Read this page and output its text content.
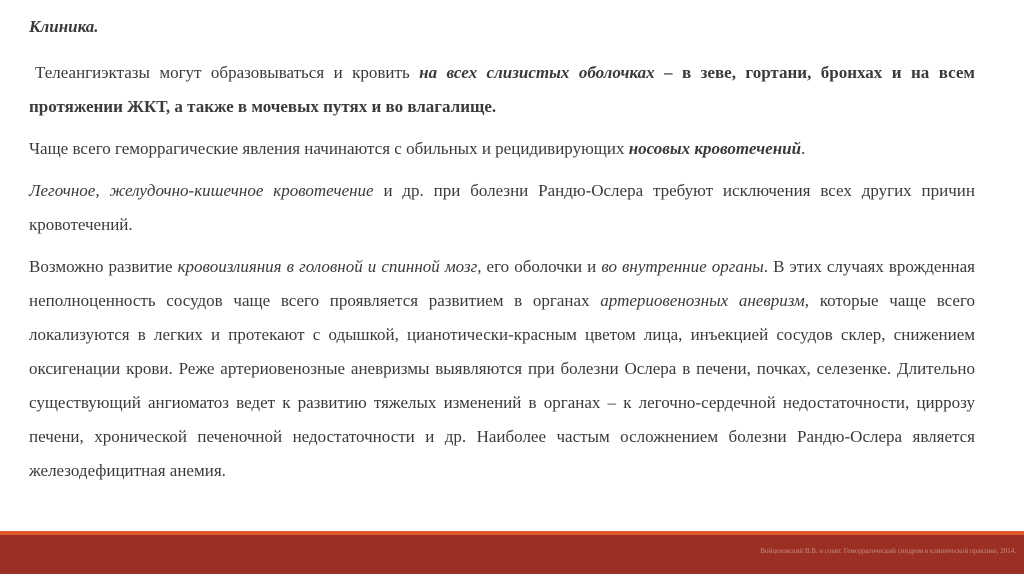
Клиника.

Телеангиэктазы могут образовываться и кровить на всех слизистых оболочках – в зеве, гортани, бронхах и на всем протяжении ЖКТ, а также в мочевых путях и во влагалище.

Чаще всего геморрагические явления начинаются с обильных и рецидивирующих носовых кровотечений.

Легочное, желудочно-кишечное кровотечение и др. при болезни Рандю-Ослера требуют исключения всех других причин кровотечений.

Возможно развитие кровоизлияния в головной и спинной мозг, его оболочки и во внутренние органы. В этих случаях врожденная неполноценность сосудов чаще всего проявляется развитием в органах артериовенозных аневризм, которые чаще всего локализуются в легких и протекают с одышкой, цианотически-красным цветом лица, инъекцией сосудов склер, снижением оксигенации крови. Реже артериовенозные аневризмы выявляются при болезни Ослера в печени, почках, селезенке. Длительно существующий ангиоматоз ведет к развитию тяжелых изменений в органах – к легочно-сердечной недостаточности, циррозу печени, хронической печеночной недостаточности и др. Наиболее частым осложнением болезни Рандю-Ослера является железодефицитная анемия.

Войцеховский В.В. и соавт. Геморрагический синдром в клинической практике, 2014.
